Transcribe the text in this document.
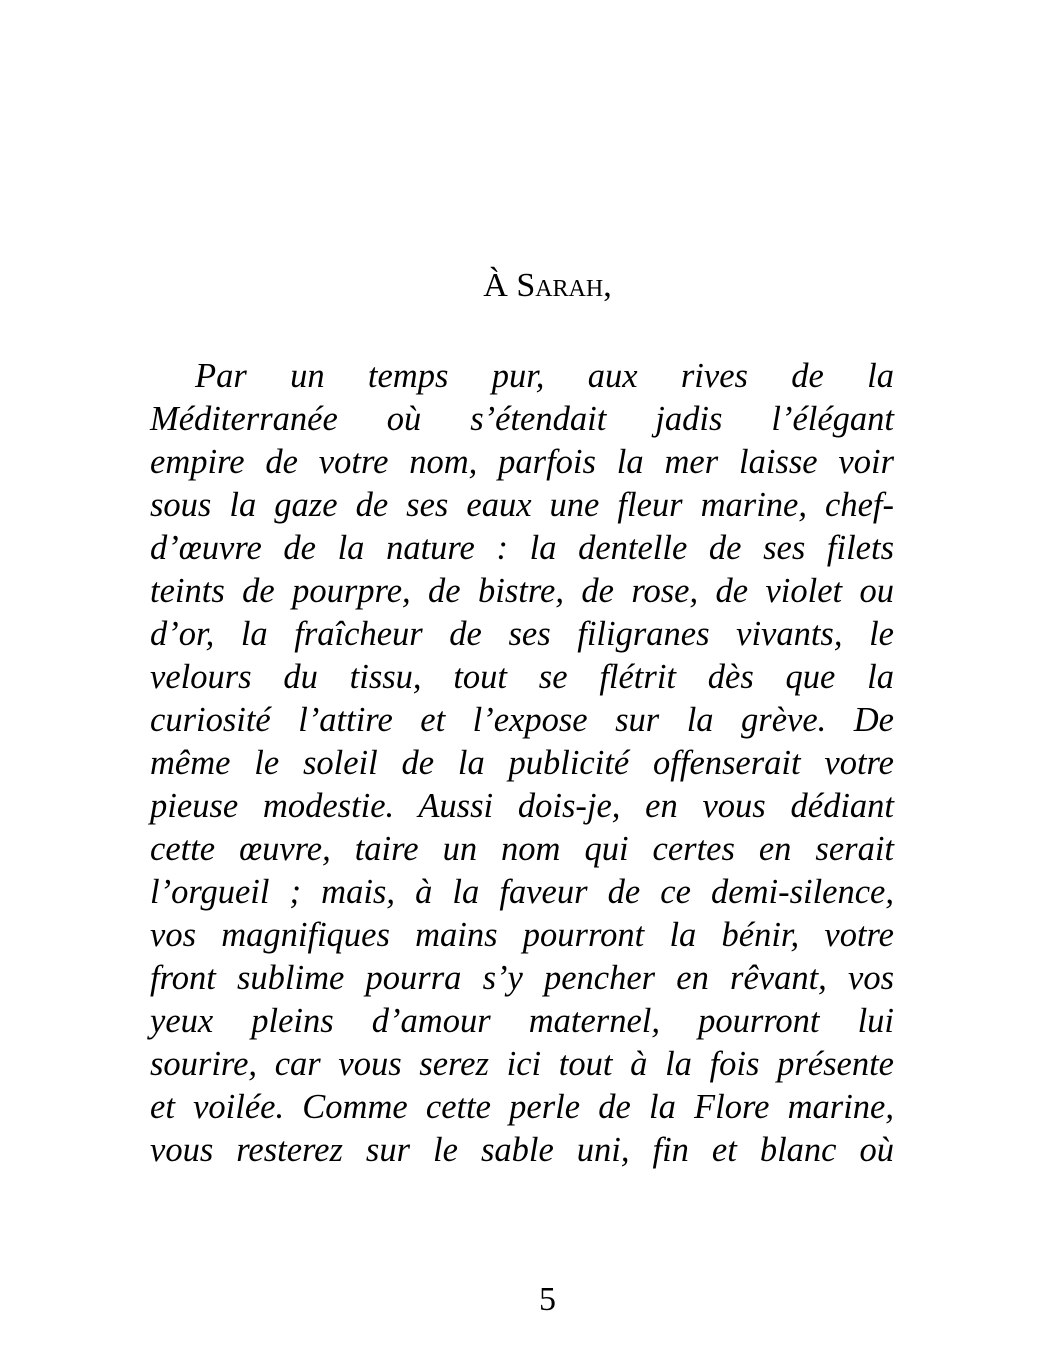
À Sarah,
Par un temps pur, aux rives de la
Méditerranée où s’étendait jadis l’élégant
empire de votre nom, parfois la mer laisse voir
sous la gaze de ses eaux une fleur marine, chef-
d’œuvre de la nature : la dentelle de ses filets
teints de pourpre, de bistre, de rose, de violet ou
d’or, la fraîcheur de ses filigranes vivants, le
velours du tissu, tout se flétrit dès que la
curiosité l’attire et l’expose sur la grève. De
même le soleil de la publicité offenserait votre
pieuse modestie. Aussi dois-je, en vous dédiant
cette œuvre, taire un nom qui certes en serait
l’orgueil ; mais, à la faveur de ce demi-silence,
vos magnifiques mains pourront la bénir, votre
front sublime pourra s’y pencher en rêvant, vos
yeux pleins d’amour maternel, pourront lui
sourire, car vous serez ici tout à la fois présente
et voilée. Comme cette perle de la Flore marine,
vous resterez sur le sable uni, fin et blanc où
5
